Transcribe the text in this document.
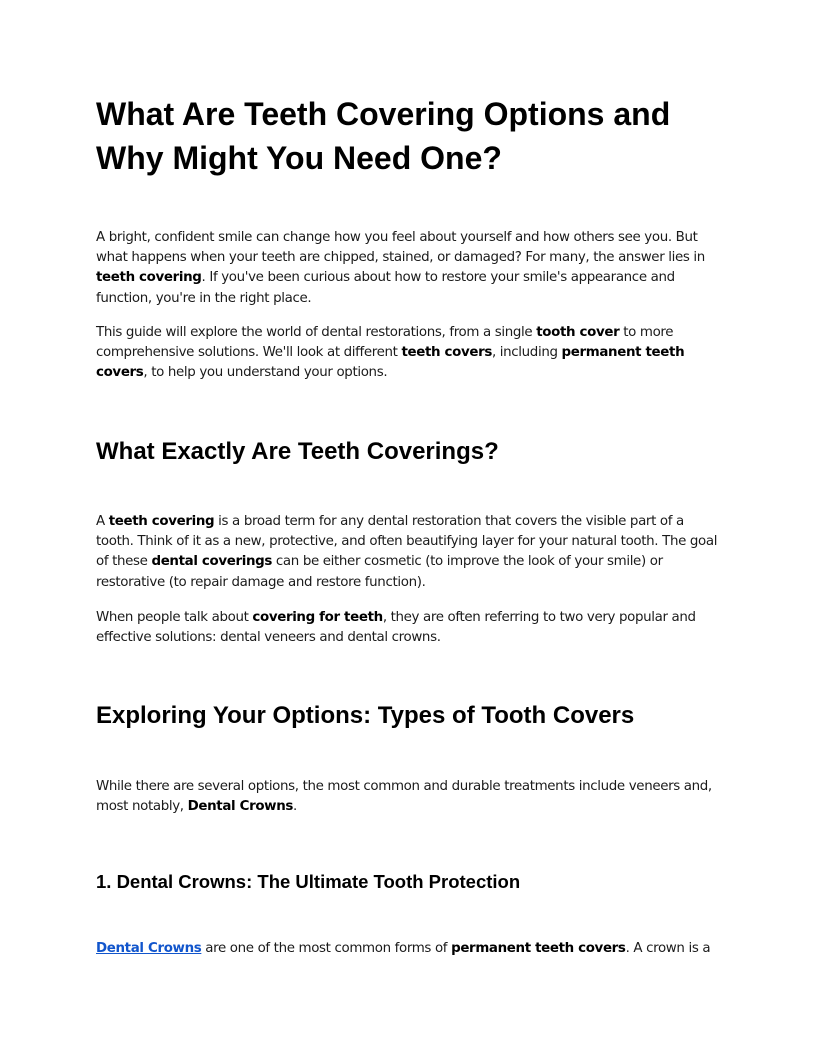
What Are Teeth Covering Options and Why Might You Need One?

A bright, confident smile can change how you feel about yourself and how others see you. But what happens when your teeth are chipped, stained, or damaged? For many, the answer lies in teeth covering. If you've been curious about how to restore your smile's appearance and function, you're in the right place.

This guide will explore the world of dental restorations, from a single tooth cover to more comprehensive solutions. We'll look at different teeth covers, including permanent teeth covers, to help you understand your options.

What Exactly Are Teeth Coverings?

A teeth covering is a broad term for any dental restoration that covers the visible part of a tooth. Think of it as a new, protective, and often beautifying layer for your natural tooth. The goal of these dental coverings can be either cosmetic (to improve the look of your smile) or restorative (to repair damage and restore function).

When people talk about covering for teeth, they are often referring to two very popular and effective solutions: dental veneers and dental crowns.

Exploring Your Options: Types of Tooth Covers

While there are several options, the most common and durable treatments include veneers and, most notably, Dental Crowns.

1. Dental Crowns: The Ultimate Tooth Protection

Dental Crowns are one of the most common forms of permanent teeth covers. A crown is a
